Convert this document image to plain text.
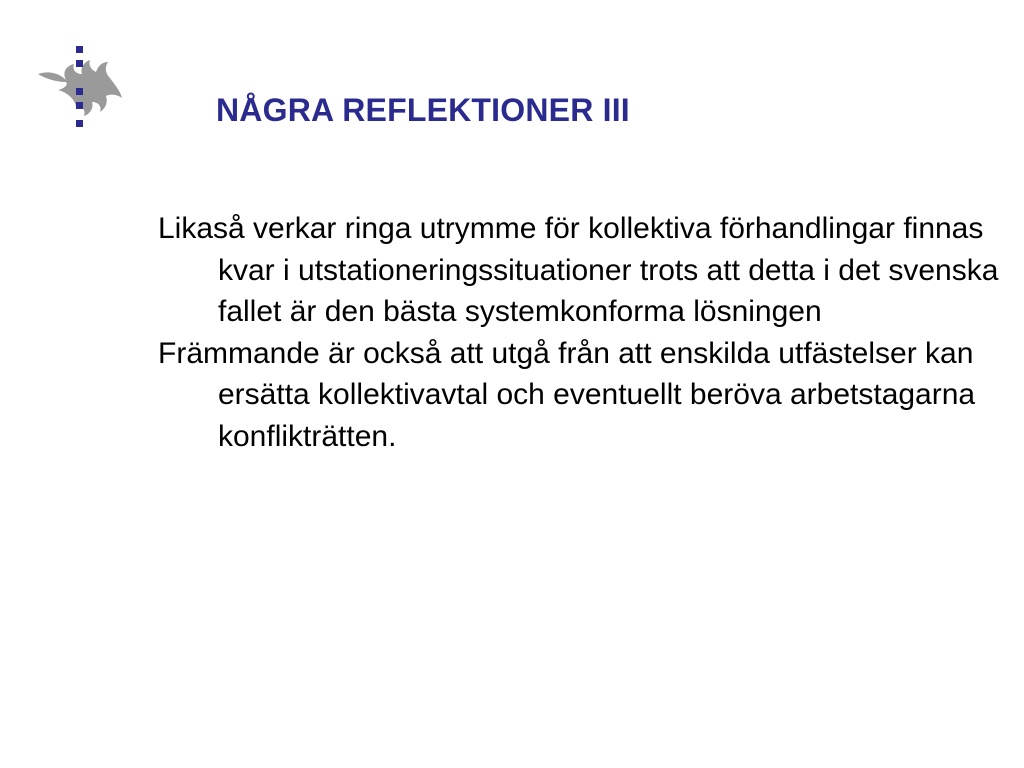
NÅGRA REFLEKTIONER III
Likaså verkar ringa utrymme för kollektiva förhandlingar finnas kvar i utstationeringssituationer trots att detta i det svenska fallet är den bästa systemkonforma lösningen
Främmande är också att utgå från att enskilda utfästelser kan ersätta kollektivavtal och eventuellt beröva arbetstagarna konflikträtten.
